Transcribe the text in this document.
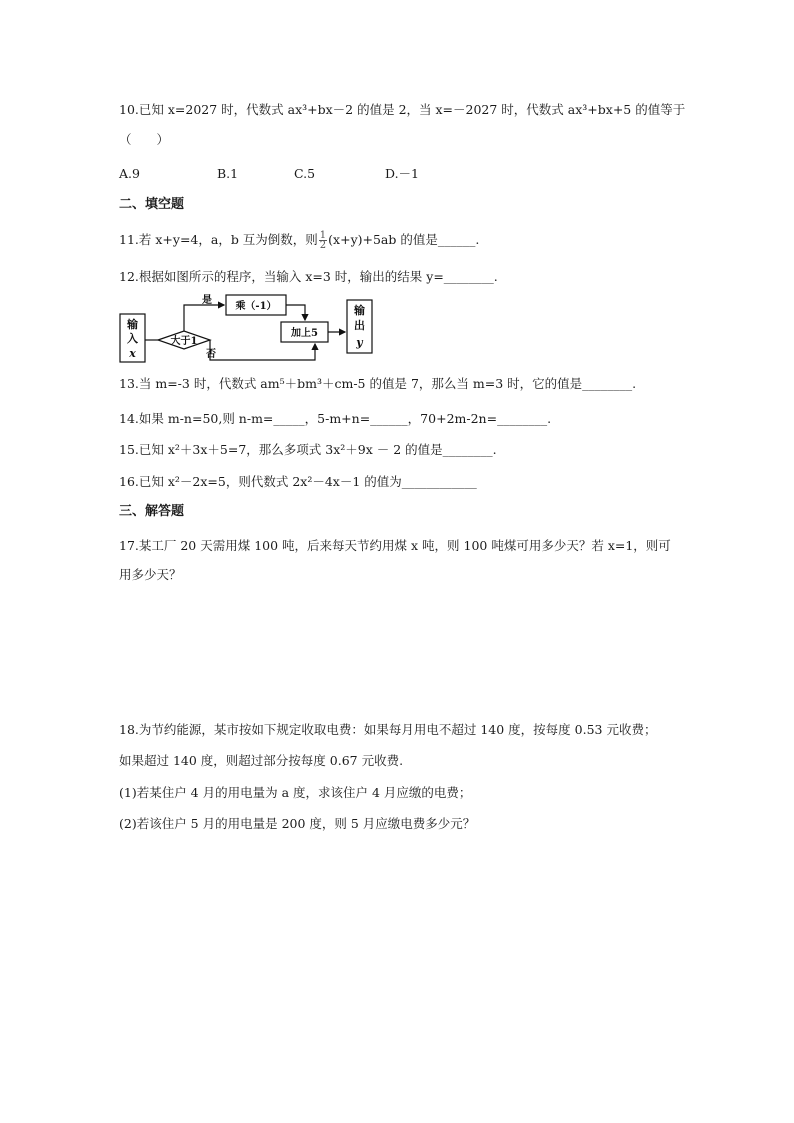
10.已知 x=2027 时，代数式 ax³+bx－2 的值是 2，当 x=－2027 时，代数式 ax³+bx+5 的值等于
（　　）
A.9	B.1	C.5	D.－1
二、填空题
11.若 x+y=4，a，b 互为倒数，则 $\frac{1}{2} (x+y)+5ab$ 的值是______.
12.根据如图所示的程序，当输入 x=3 时，输出的结果 y=________.
输
入
x
大于1
是
乘（-1）
加上5
否
输
出
y
13.当 m=-3 时，代数式 am⁵＋bm³＋cm-5 的值是 7，那么当 m=3 时，它的值是________.
14.如果 m-n=50,则 n-m=_____，5-m+n=______，70+2m-2n=________.
15.已知 x²＋3x＋5=7，那么多项式 3x²＋9x － 2 的值是________.
16.已知 x²－2x=5，则代数式 2x²－4x－1 的值为____________
三、解答题
17.某工厂 20 天需用煤 100 吨，后来每天节约用煤 x 吨，则 100 吨煤可用多少天？若 x=1，则可
用多少天？
18.为节约能源，某市按如下规定收取电费：如果每月用电不超过 140 度，按每度 0.53 元收费；
如果超过 140 度，则超过部分按每度 0.67 元收费.
(1)若某住户 4 月的用电量为 a 度，求该住户 4 月应缴的电费；
(2)若该住户 5 月的用电量是 200 度，则 5 月应缴电费多少元？
